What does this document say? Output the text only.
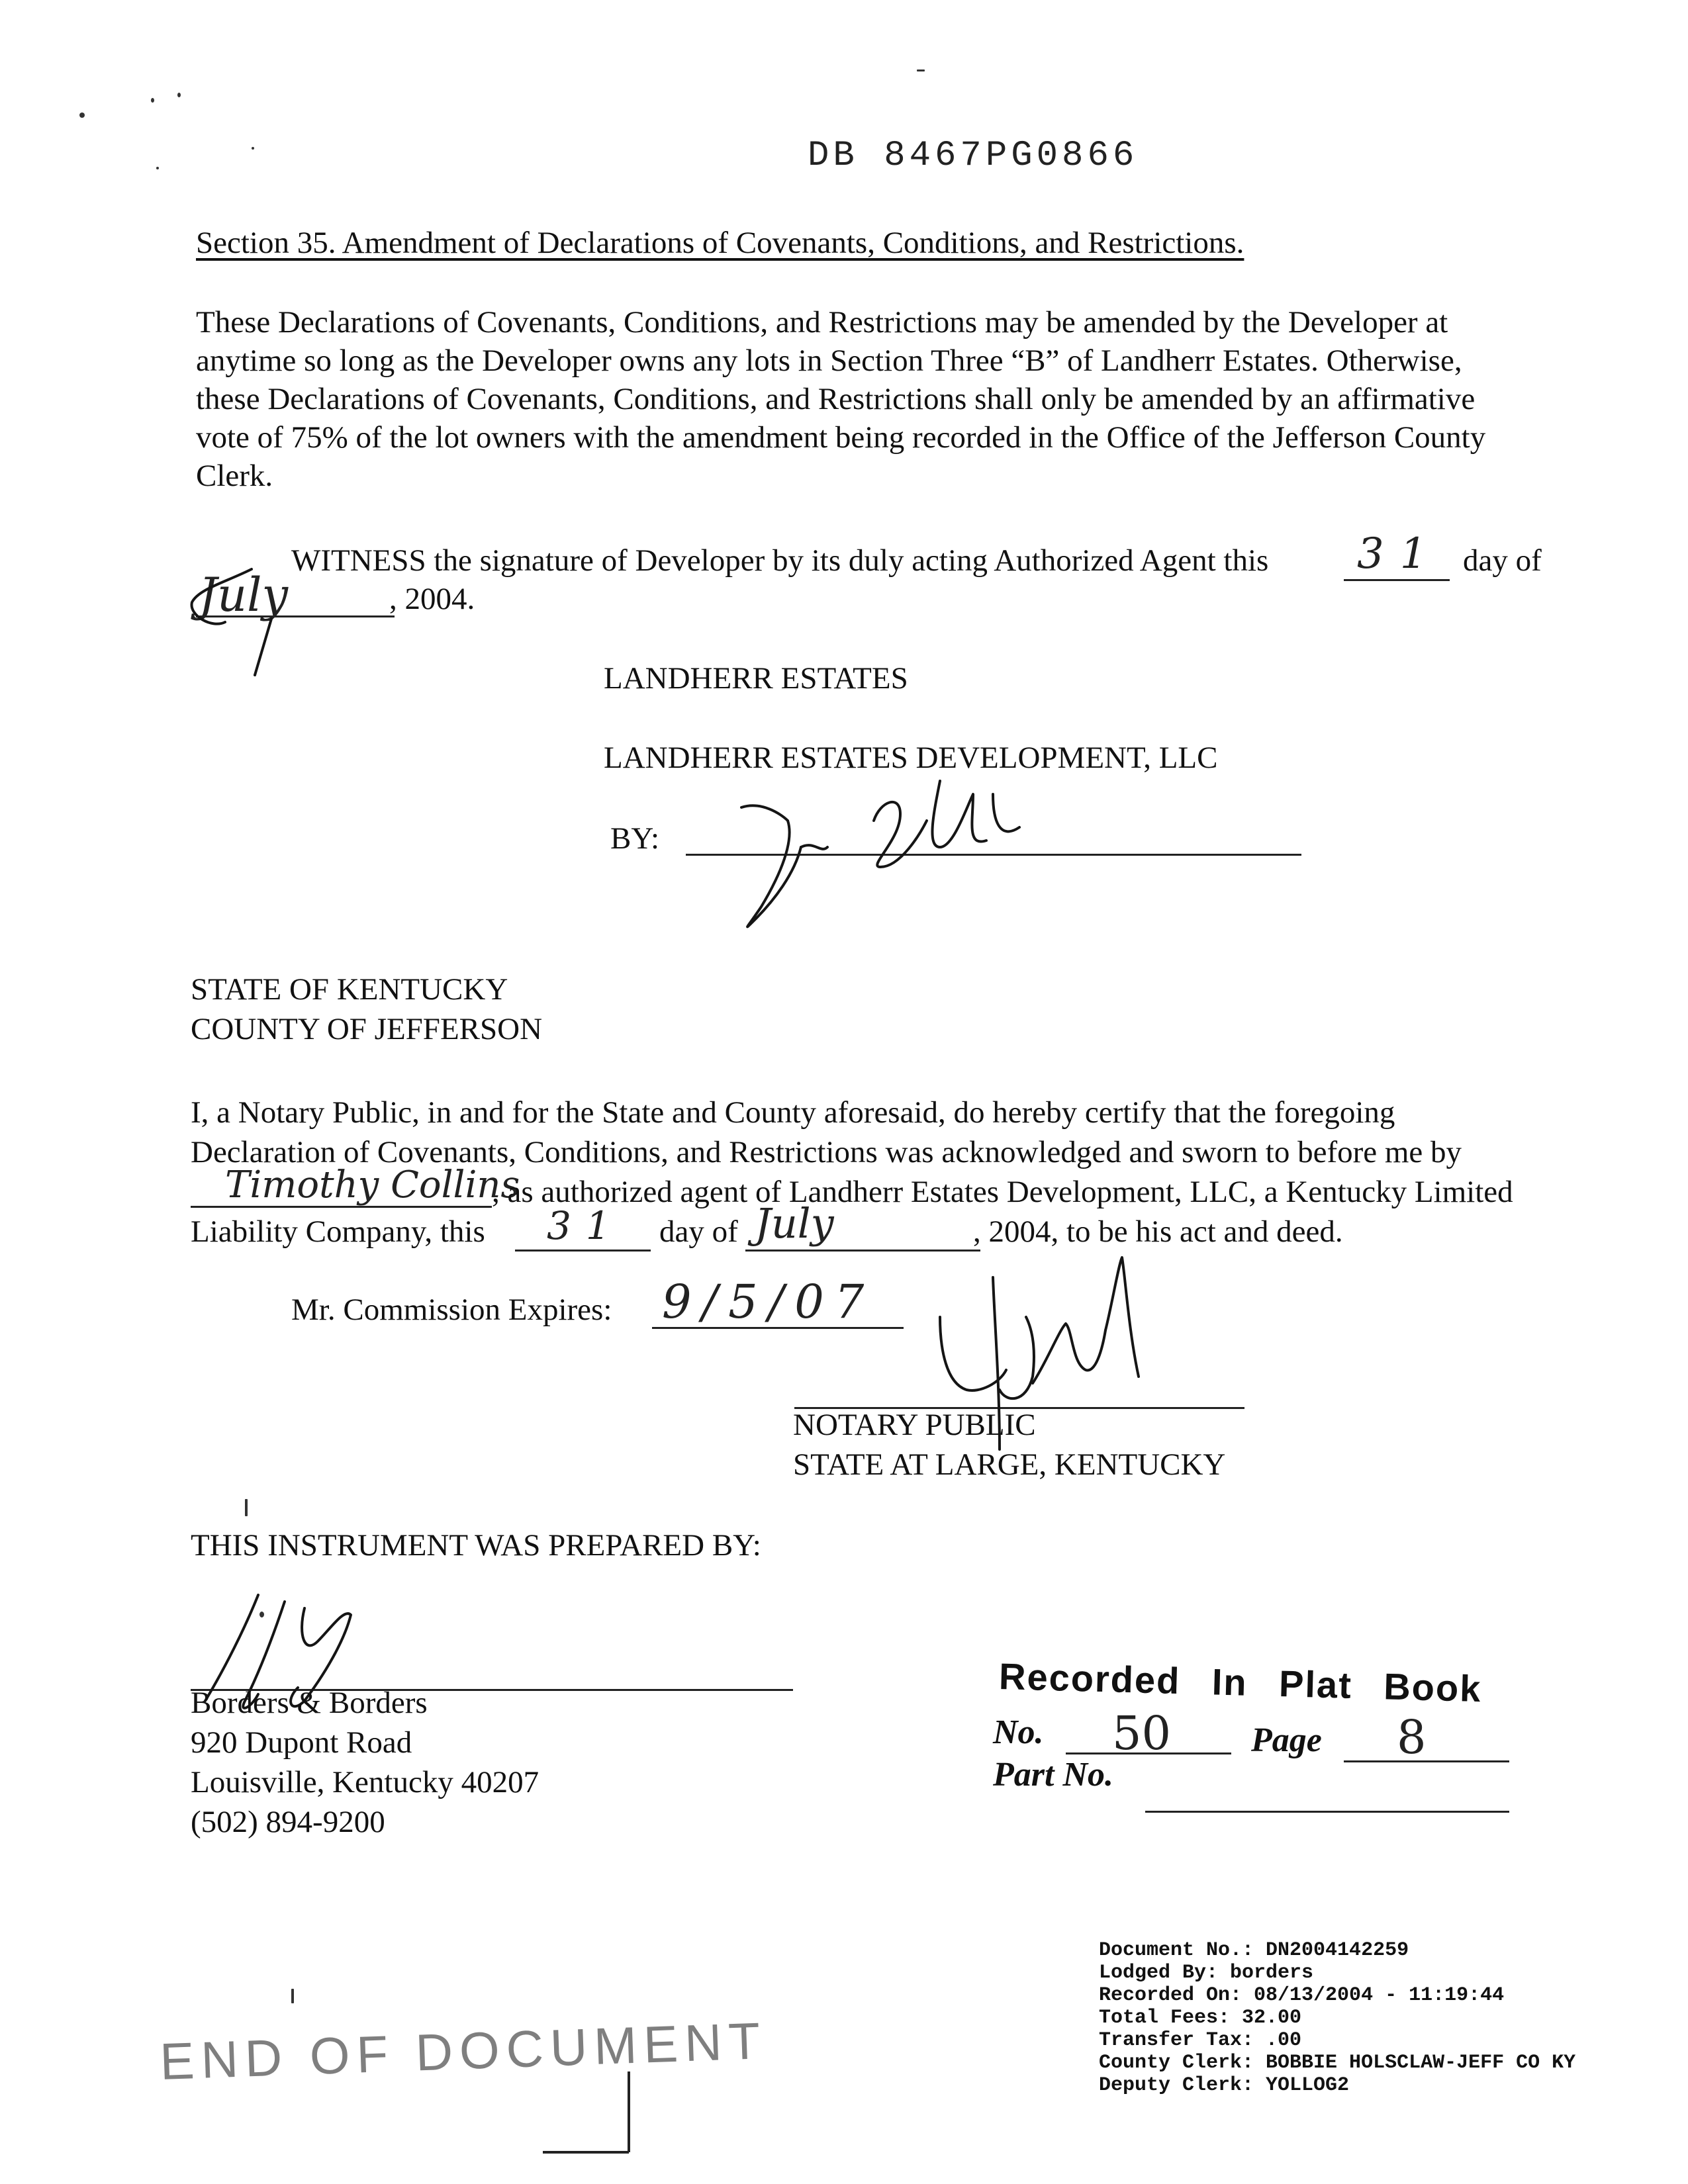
DB 8467PG0866
Section 35. Amendment of Declarations of Covenants, Conditions, and Restrictions.
These Declarations of Covenants, Conditions, and Restrictions may be amended by the Developer at
anytime so long as the Developer owns any lots in Section Three “B” of Landherr Estates. Otherwise,
these Declarations of Covenants, Conditions, and Restrictions shall only be amended by an affirmative
vote of 75% of the lot owners with the amendment being recorded in the Office of the Jefferson County
Clerk.
WITNESS the signature of Developer by its duly acting Authorized Agent this 31 day of
July	, 2004.
LANDHERR ESTATES
LANDHERR ESTATES DEVELOPMENT, LLC
BY:
STATE OF KENTUCKY
COUNTY OF JEFFERSON
I, a Notary Public, in and for the State and County aforesaid, do hereby certify that the foregoing
Declaration of Covenants, Conditions, and Restrictions was acknowledged and sworn to before me by
Timothy Collins
, as authorized agent of Landherr Estates Development, LLC, a Kentucky Limited
Liability Company, this 31 day of July	, 2004, to be his act and deed.
Mr. Commission Expires: 9/5/07
NOTARY PUBLIC
STATE AT LARGE, KENTUCKY
THIS INSTRUMENT WAS PREPARED BY:
Borders & Borders
920 Dupont Road
Louisville, Kentucky 40207
(502) 894-9200
Recorded In Plat Book
No. 50 Page 8
Part No.
Document No.: DN2004142259
Lodged By: borders
Recorded On: 08/13/2004 - 11:19:44
Total Fees: 32.00
Transfer Tax: .00
County Clerk: BOBBIE HOLSCLAW-JEFF CO KY
Deputy Clerk: YOLLOG2
END OF DOCUMENT
